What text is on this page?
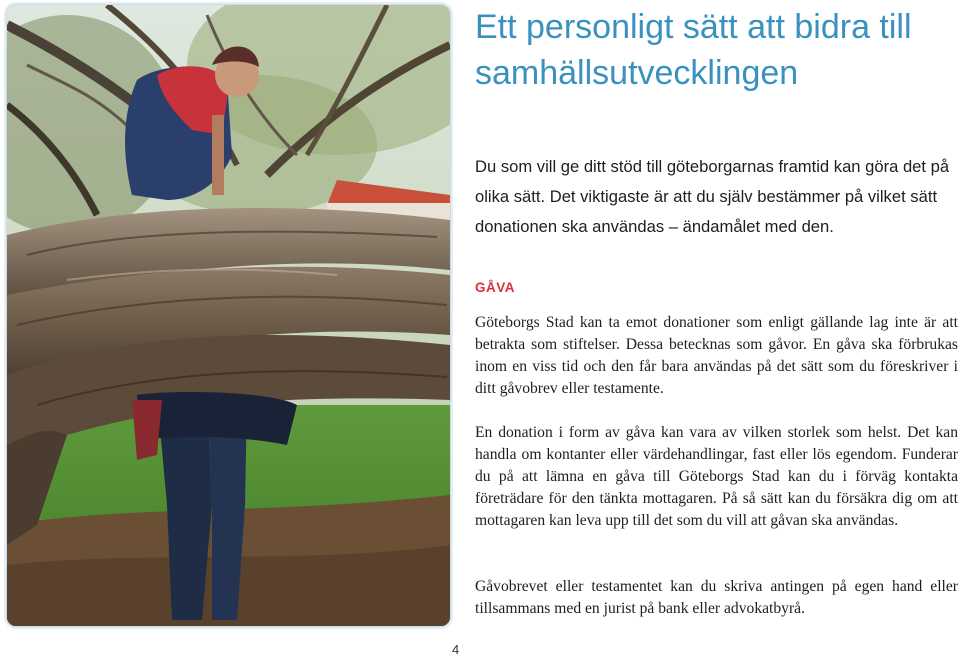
Ett personligt sätt att bidra till samhällsutvecklingen

Du som vill ge ditt stöd till göteborgarnas framtid kan göra det på olika sätt. Det viktigaste är att du själv bestämmer på vilket sätt donationen ska användas – ändamålet med den.

GÅVA

Göteborgs Stad kan ta emot donationer som enligt gällande lag inte är att betrakta som stiftelser. Dessa betecknas som gåvor. En gåva ska förbrukas inom en viss tid och den får bara användas på det sätt som du föreskriver i ditt gåvobrev eller testamente.

En donation i form av gåva kan vara av vilken storlek som helst. Det kan handla om kontanter eller värdehandlingar, fast eller lös egendom. Funderar du på att lämna en gåva till Göteborgs Stad kan du i förväg kontakta företrädare för den tänkta mottagaren. På så sätt kan du försäkra dig om att mottagaren kan leva upp till det som du vill att gåvan ska användas.

Gåvobrevet eller testamentet kan du skriva antingen på egen hand eller tillsammans med en jurist på bank eller advokatbyrå.

4
